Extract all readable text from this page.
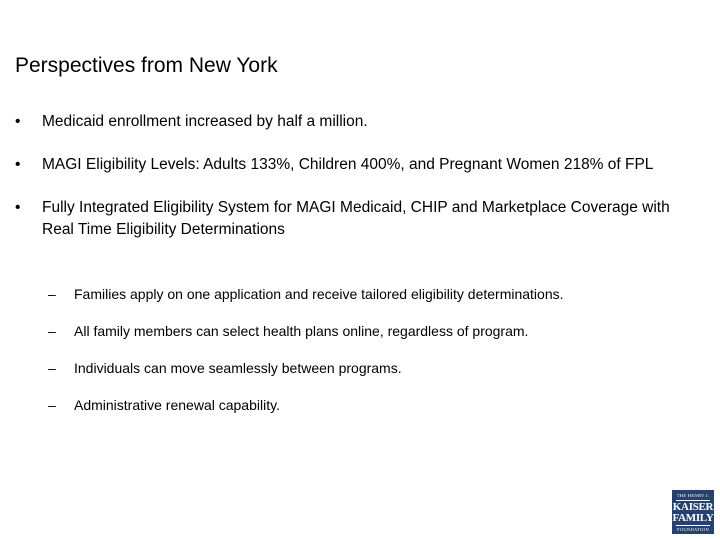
Perspectives from New York
• Medicaid enrollment increased by half a million.
• MAGI Eligibility Levels: Adults 133%, Children 400%, and Pregnant Women 218% of FPL
• Fully Integrated Eligibility System for MAGI Medicaid, CHIP and Marketplace Coverage with Real Time Eligibility Determinations
– Families apply on one application and receive tailored eligibility determinations.
– All family members can select health plans online, regardless of program.
– Individuals can move seamlessly between programs.
– Administrative renewal capability.
THE HENRY J.
KAISER
FAMILY
FOUNDATION
